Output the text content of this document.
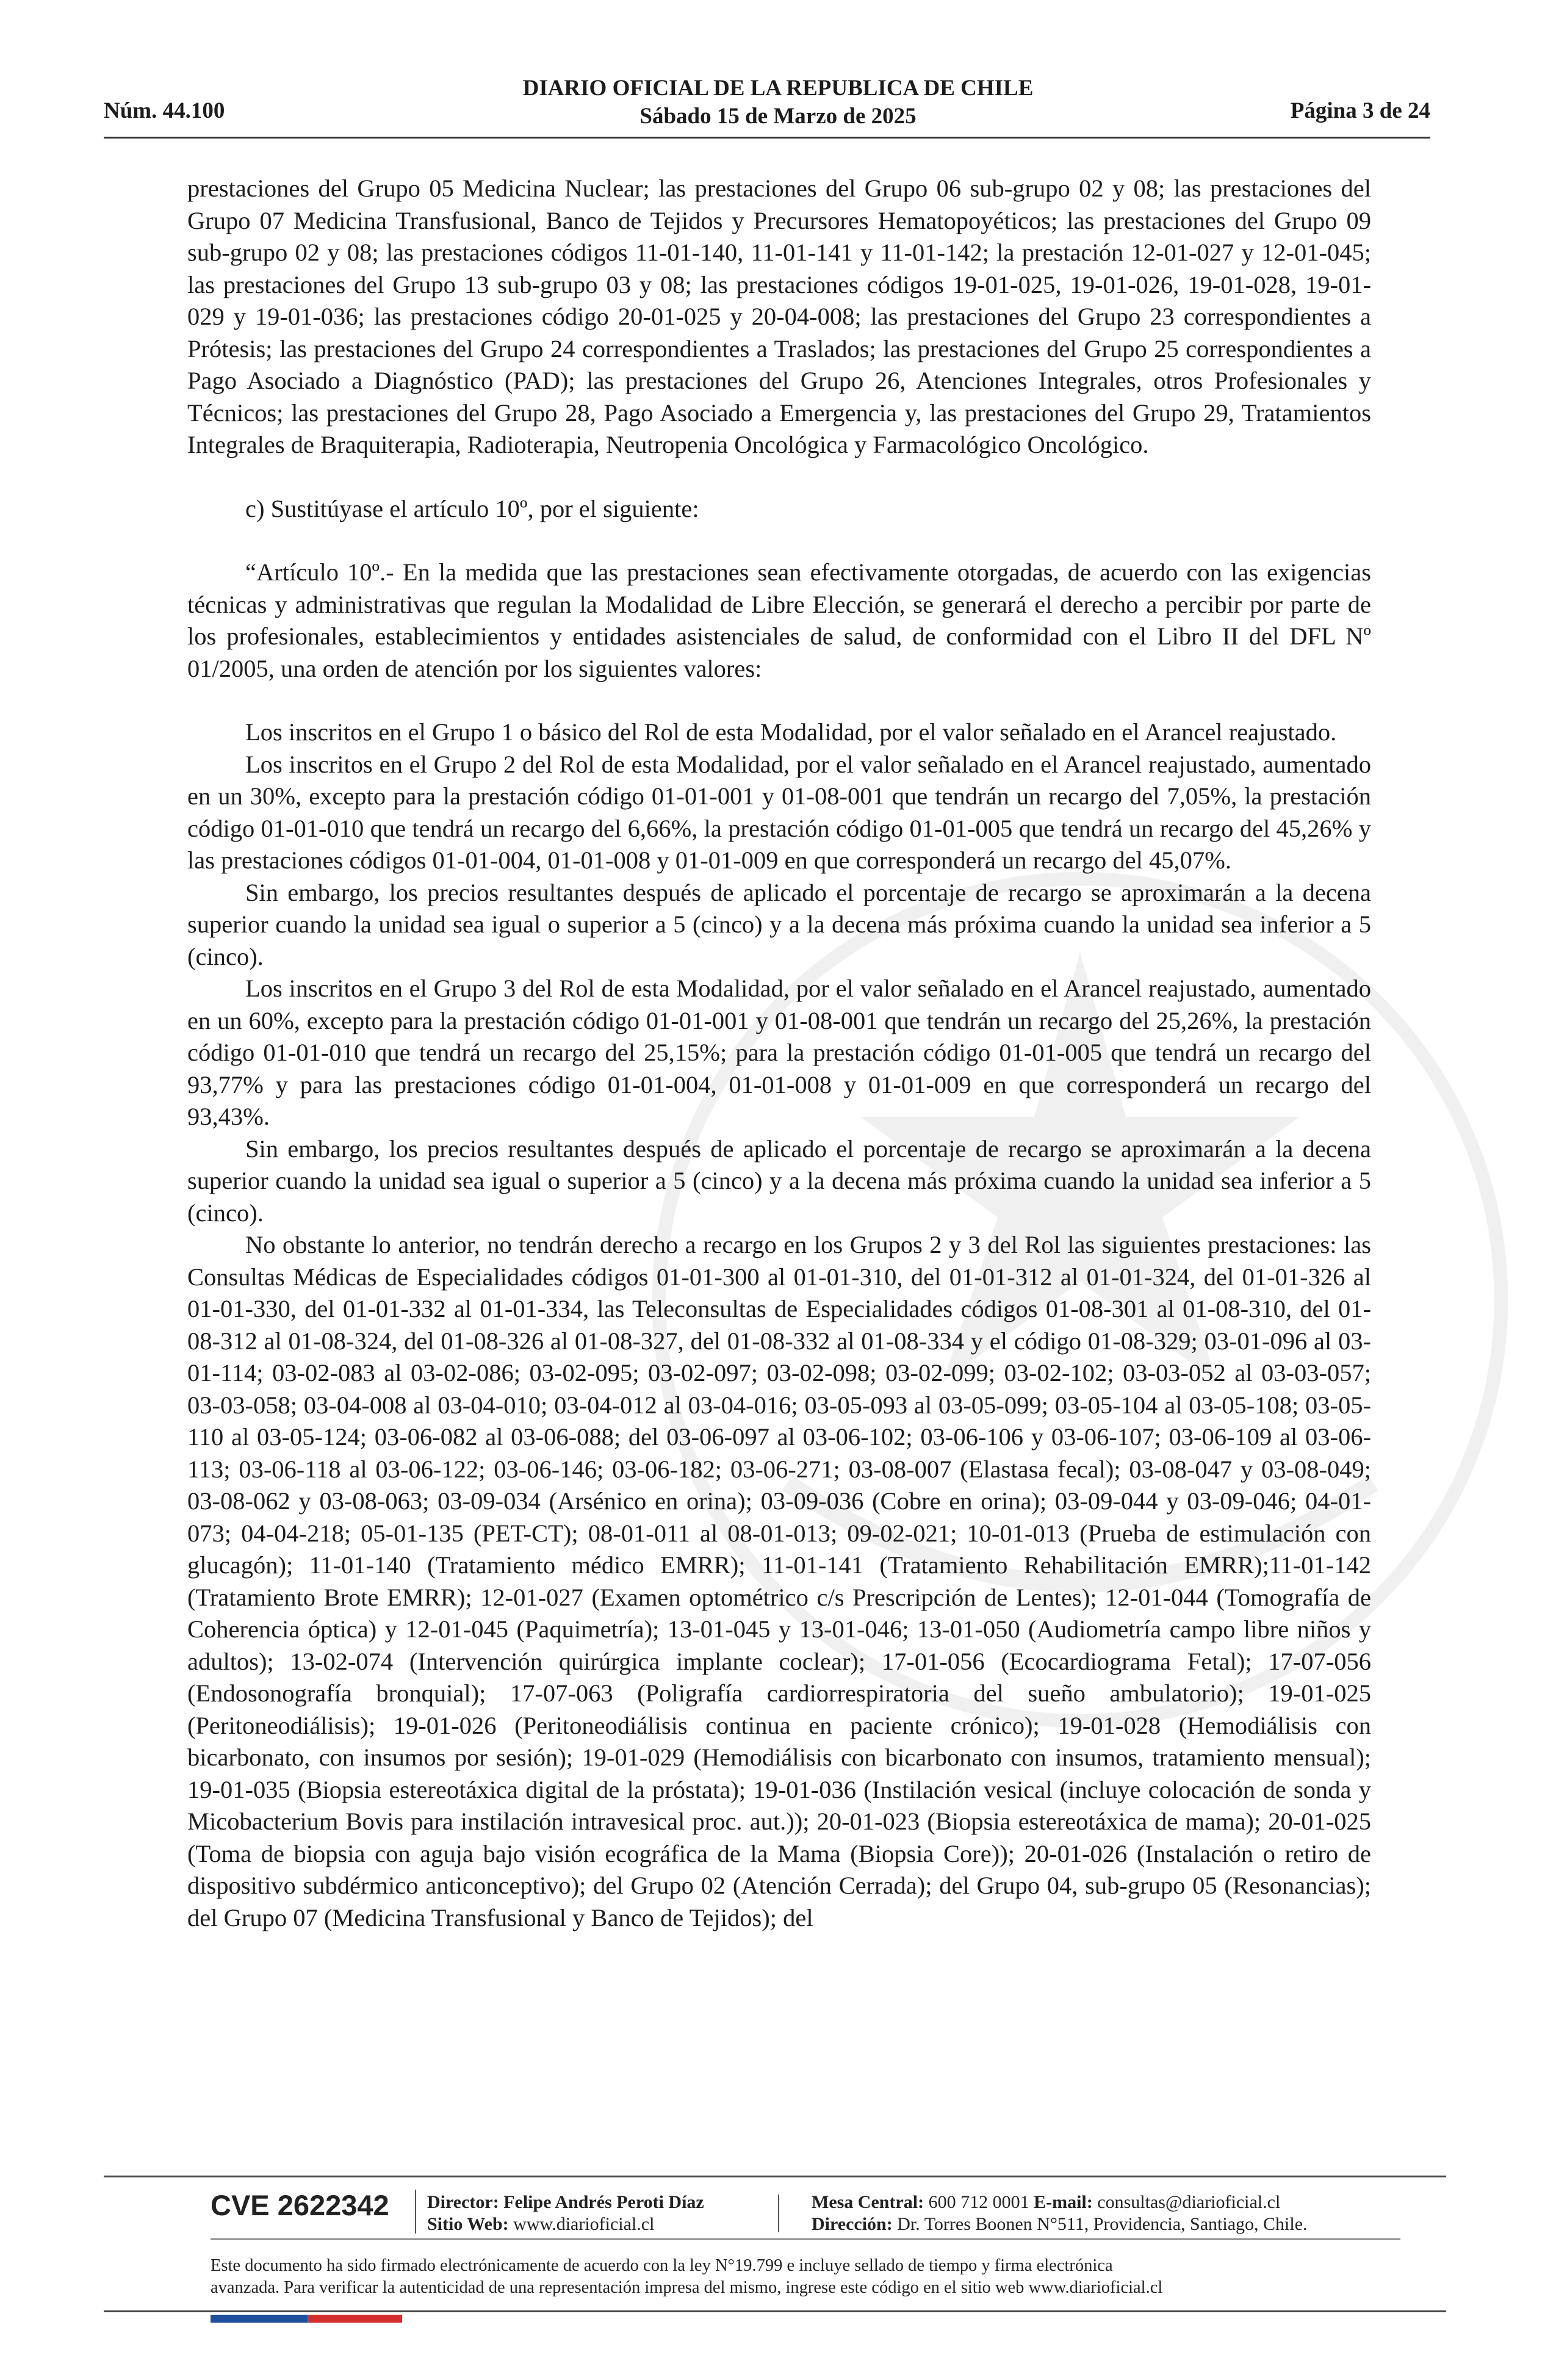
Núm. 44.100
DIARIO OFICIAL DE LA REPUBLICA DE CHILE
Sábado 15 de Marzo de 2025	Página 3 de 24

prestaciones del Grupo 05 Medicina Nuclear; las prestaciones del Grupo 06 sub-grupo 02 y 08; las prestaciones del Grupo 07 Medicina Transfusional, Banco de Tejidos y Precursores Hematopoyéticos; las prestaciones del Grupo 09 sub-grupo 02 y 08; las prestaciones códigos 11-01-140, 11-01-141 y 11-01-142; la prestación 12-01-027 y 12-01-045; las prestaciones del Grupo 13 sub-grupo 03 y 08; las prestaciones códigos 19-01-025, 19-01-026, 19-01-028, 19-01-029 y 19-01-036; las prestaciones código 20-01-025 y 20-04-008; las prestaciones del Grupo 23 correspondientes a Prótesis; las prestaciones del Grupo 24 correspondientes a Traslados; las prestaciones del Grupo 25 correspondientes a Pago Asociado a Diagnóstico (PAD); las prestaciones del Grupo 26, Atenciones Integrales, otros Profesionales y Técnicos; las prestaciones del Grupo 28, Pago Asociado a Emergencia y, las prestaciones del Grupo 29, Tratamientos Integrales de Braquiterapia, Radioterapia, Neutropenia Oncológica y Farmacológico Oncológico.

c) Sustitúyase el artículo 10º, por el siguiente:

“Artículo 10º.- En la medida que las prestaciones sean efectivamente otorgadas, de acuerdo con las exigencias técnicas y administrativas que regulan la Modalidad de Libre Elección, se generará el derecho a percibir por parte de los profesionales, establecimientos y entidades asistenciales de salud, de conformidad con el Libro II del DFL Nº 01/2005, una orden de atención por los siguientes valores:

Los inscritos en el Grupo 1 o básico del Rol de esta Modalidad, por el valor señalado en el Arancel reajustado.

Los inscritos en el Grupo 2 del Rol de esta Modalidad, por el valor señalado en el Arancel reajustado, aumentado en un 30%, excepto para la prestación código 01-01-001 y 01-08-001 que tendrán un recargo del 7,05%, la prestación código 01-01-010 que tendrá un recargo del 6,66%, la prestación código 01-01-005 que tendrá un recargo del 45,26% y las prestaciones códigos 01-01-004, 01-01-008 y 01-01-009 en que corresponderá un recargo del 45,07%.

Sin embargo, los precios resultantes después de aplicado el porcentaje de recargo se aproximarán a la decena superior cuando la unidad sea igual o superior a 5 (cinco) y a la decena más próxima cuando la unidad sea inferior a 5 (cinco).

Los inscritos en el Grupo 3 del Rol de esta Modalidad, por el valor señalado en el Arancel reajustado, aumentado en un 60%, excepto para la prestación código 01-01-001 y 01-08-001 que tendrán un recargo del 25,26%, la prestación código 01-01-010 que tendrá un recargo del 25,15%; para la prestación código 01-01-005 que tendrá un recargo del 93,77% y para las prestaciones código 01-01-004, 01-01-008 y 01-01-009 en que corresponderá un recargo del 93,43%.

Sin embargo, los precios resultantes después de aplicado el porcentaje de recargo se aproximarán a la decena superior cuando la unidad sea igual o superior a 5 (cinco) y a la decena más próxima cuando la unidad sea inferior a 5 (cinco).

No obstante lo anterior, no tendrán derecho a recargo en los Grupos 2 y 3 del Rol las siguientes prestaciones: las Consultas Médicas de Especialidades códigos 01-01-300 al 01-01-310, del 01-01-312 al 01-01-324, del 01-01-326 al 01-01-330, del 01-01-332 al 01-01-334, las Teleconsultas de Especialidades códigos 01-08-301 al 01-08-310, del 01-08-312 al 01-08-324, del 01-08-326 al 01-08-327, del 01-08-332 al 01-08-334 y el código 01-08-329; 03-01-096 al 03-01-114; 03-02-083 al 03-02-086; 03-02-095; 03-02-097; 03-02-098; 03-02-099; 03-02-102; 03-03-052 al 03-03-057; 03-03-058; 03-04-008 al 03-04-010; 03-04-012 al 03-04-016; 03-05-093 al 03-05-099; 03-05-104 al 03-05-108; 03-05-110 al 03-05-124; 03-06-082 al 03-06-088; del 03-06-097 al 03-06-102; 03-06-106 y 03-06-107; 03-06-109 al 03-06-113; 03-06-118 al 03-06-122; 03-06-146; 03-06-182; 03-06-271; 03-08-007 (Elastasa fecal); 03-08-047 y 03-08-049; 03-08-062 y 03-08-063; 03-09-034 (Arsénico en orina); 03-09-036 (Cobre en orina); 03-09-044 y 03-09-046; 04-01-073; 04-04-218; 05-01-135 (PET-CT); 08-01-011 al 08-01-013; 09-02-021; 10-01-013 (Prueba de estimulación con glucagón); 11-01-140 (Tratamiento médico EMRR); 11-01-141 (Tratamiento Rehabilitación EMRR);11-01-142 (Tratamiento Brote EMRR); 12-01-027 (Examen optométrico c/s Prescripción de Lentes); 12-01-044 (Tomografía de Coherencia óptica) y 12-01-045 (Paquimetría); 13-01-045 y 13-01-046; 13-01-050 (Audiometría campo libre niños y adultos); 13-02-074 (Intervención quirúrgica implante coclear); 17-01-056 (Ecocardiograma Fetal); 17-07-056 (Endosonografía bronquial); 17-07-063 (Poligrafía cardiorrespiratoria del sueño ambulatorio); 19-01-025 (Peritoneodiálisis); 19-01-026 (Peritoneodiálisis continua en paciente crónico); 19-01-028 (Hemodiálisis con bicarbonato, con insumos por sesión); 19-01-029 (Hemodiálisis con bicarbonato con insumos, tratamiento mensual); 19-01-035 (Biopsia estereotáxica digital de la próstata); 19-01-036 (Instilación vesical (incluye colocación de sonda y Micobacterium Bovis para instilación intravesical proc. aut.)); 20-01-023 (Biopsia estereotáxica de mama); 20-01-025 (Toma de biopsia con aguja bajo visión ecográfica de la Mama (Biopsia Core)); 20-01-026 (Instalación o retiro de dispositivo subdérmico anticonceptivo); del Grupo 02 (Atención Cerrada); del Grupo 04, sub-grupo 05 (Resonancias); del Grupo 07 (Medicina Transfusional y Banco de Tejidos); del

CVE 2622342 Director: Felipe Andrés Peroti Díaz
Sitio Web: www.diarioficial.cl
Mesa Central: 600 712 0001 E-mail: consultas@diarioficial.cl
Dirección: Dr. Torres Boonen N°511, Providencia, Santiago, Chile.

Este documento ha sido firmado electrónicamente de acuerdo con la ley N°19.799 e incluye sellado de tiempo y firma electrónica

avanzada. Para verificar la autenticidad de una representación impresa del mismo, ingrese este código en el sitio web www.diarioficial.cl
